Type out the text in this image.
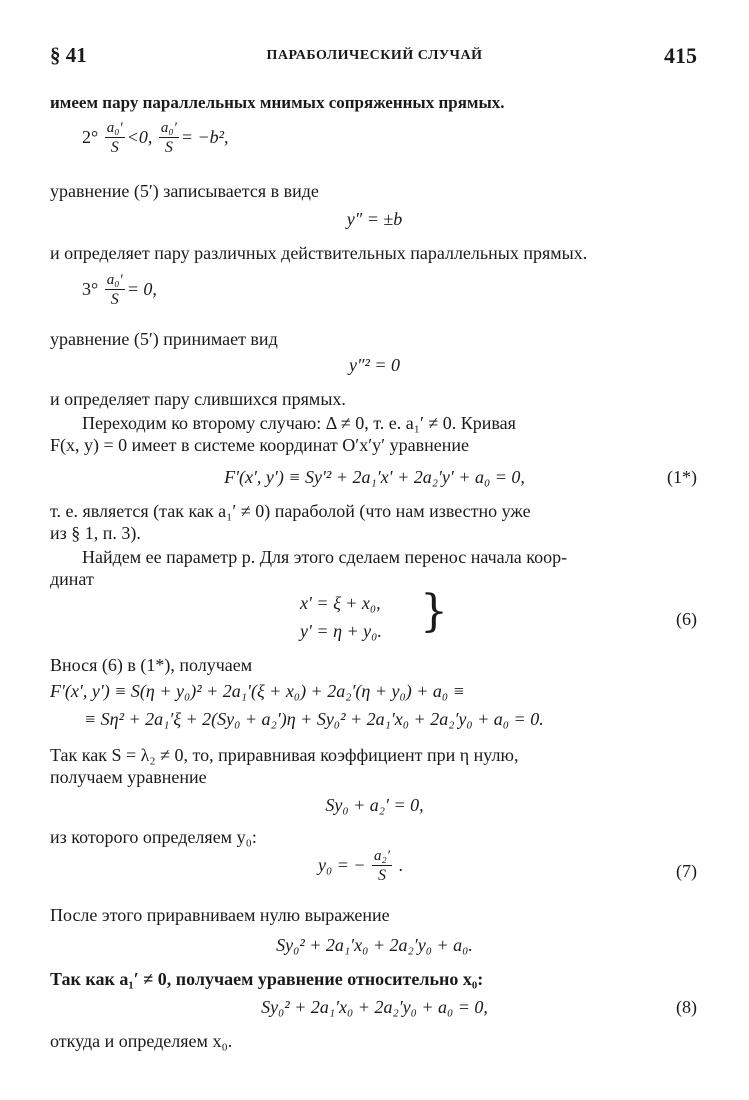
§ 41	ПАРАБОЛИЧЕСКИЙ СЛУЧАЙ	415
имеем пару параллельных мнимых сопряженных прямых.
$2^\circ \frac{\text{a₀′}}{S} <0$, $\frac{\text{a₀′}}{S} = -b^2$,
уравнение (5′) записывается в виде
y″ = ±b
и определяет пару различных действительных параллельных прямых.
$3^\circ \frac{\text{a₀′}}{S} = 0$,
уравнение (5′) принимает вид
y″² = 0
и определяет пару слившихся прямых.
Переходим ко второму случаю: Δ ≠ 0, т. е. a₁′ ≠ 0. Кривая
F(x, y) = 0 имеет в системе координат O′x′y′ уравнение
F′(x′, y′) ≡ Sy′² + 2a₁′x′ + 2a₂′y′ + a₀ = 0,	(1*)
т. е. является (так как a₁′ ≠ 0) параболой (что нам известно уже
из § 1, п. 3).
Найдем ее параметр p. Для этого сделаем перенос начала коор-
динат
x′ = ξ + x₀,
y′ = η + y₀. }	(6)
Внося (6) в (1*), получаем
F′(x′, y′) ≡ S(η + y₀)² + 2a₁′(ξ + x₀) + 2a₂′(η + y₀) + a₀ ≡
≡ Sη² + 2a₁′ξ + 2(Sy₀ + a₂′)η + Sy₀² + 2a₁′x₀ + 2a₂′y₀ + a₀ = 0.
Так как S = λ₂ ≠ 0, то, приравнивая коэффициент при η нулю,
получаем уравнение
Sy₀ + a₂′ = 0,
из которого определяем y₀:
y₀ = − $\frac{\text{a₂′}}{S}$ .	(7)
После этого приравниваем нулю выражение
Sy₀² + 2a₁′x₀ + 2a₂′y₀ + a₀.
Так как a₁′ ≠ 0, получаем уравнение относительно x₀:
Sy₀² + 2a₁′x₀ + 2a₂′y₀ + a₀ = 0,	(8)
откуда и определяем x₀.
